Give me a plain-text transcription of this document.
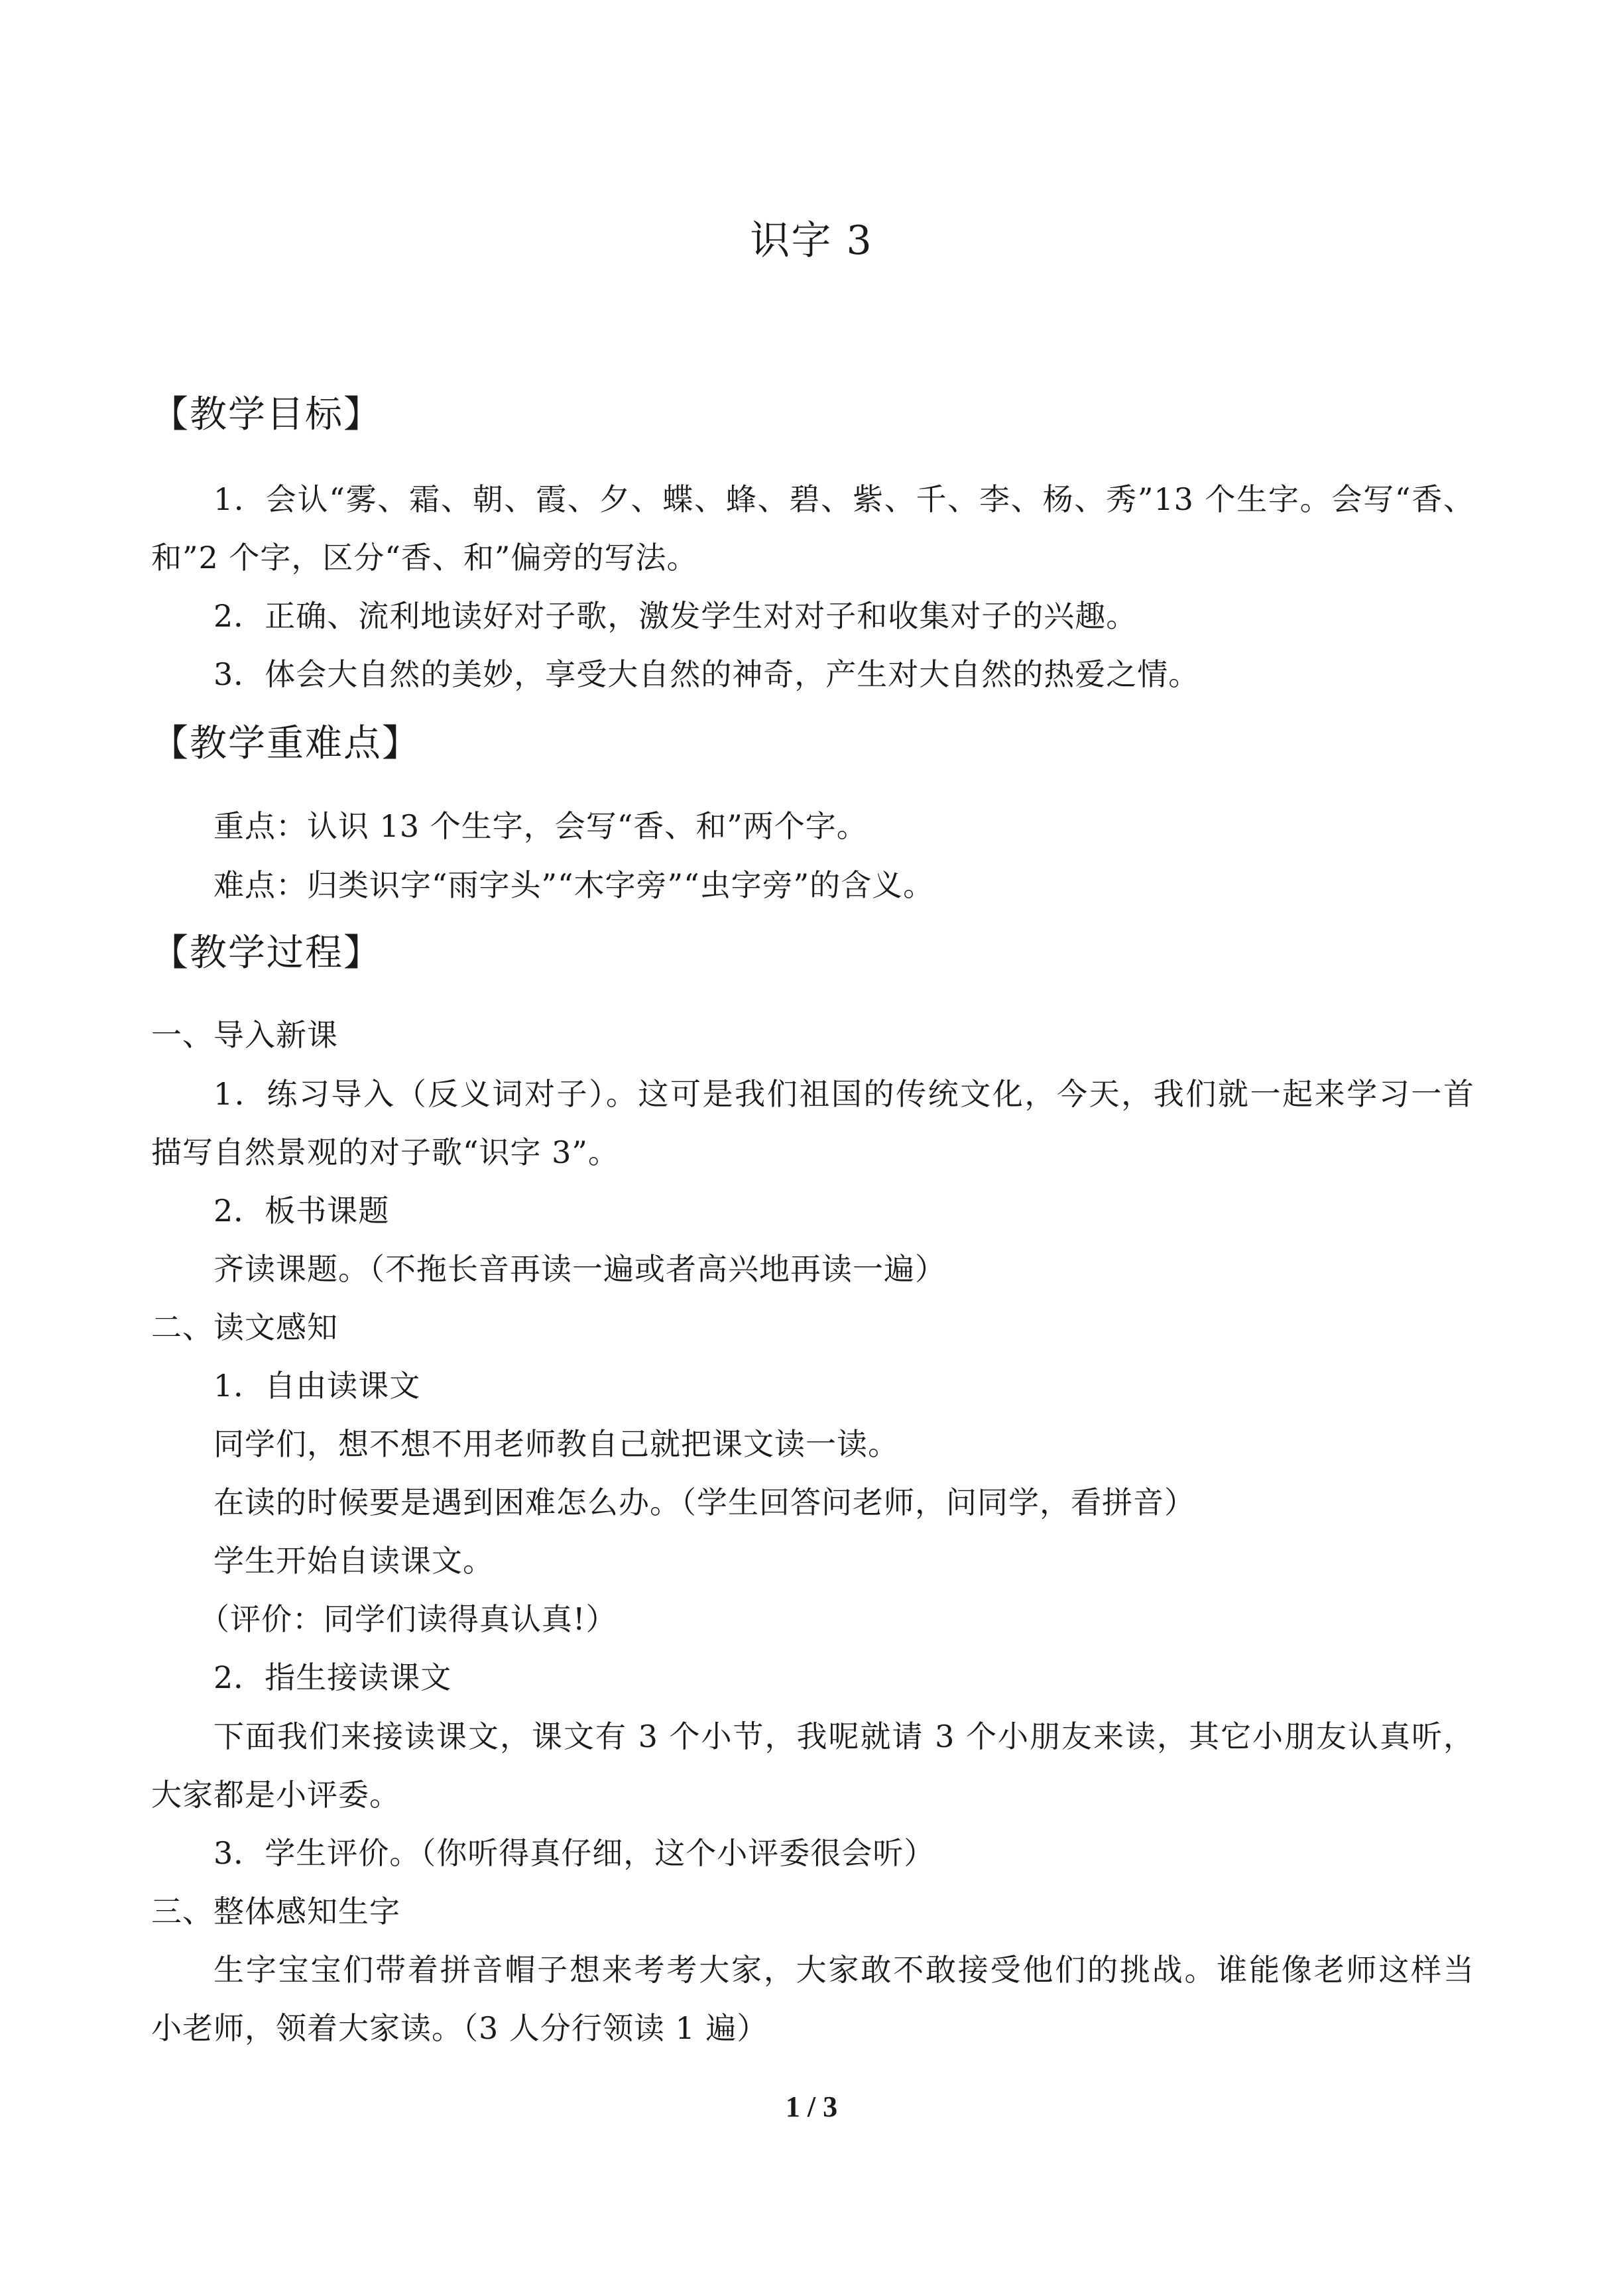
识字 3
【教学目标】
1．会认“雾、霜、朝、霞、夕、蝶、蜂、碧、紫、千、李、杨、秀”13 个生字。会写“香、
和”2 个字，区分“香、和”偏旁的写法。
2．正确、流利地读好对子歌，激发学生对对子和收集对子的兴趣。
3．体会大自然的美妙，享受大自然的神奇，产生对大自然的热爱之情。
【教学重难点】
重点：认识 13 个生字，会写“香、和”两个字。
难点：归类识字“雨字头”“木字旁”“虫字旁”的含义。
【教学过程】
一、导入新课
1．练习导入（反义词对子）。这可是我们祖国的传统文化，今天，我们就一起来学习一首
描写自然景观的对子歌“识字 3”。
2．板书课题
齐读课题。（不拖长音再读一遍或者高兴地再读一遍）
二、读文感知
1．自由读课文
同学们，想不想不用老师教自己就把课文读一读。
在读的时候要是遇到困难怎么办。（学生回答问老师，问同学，看拼音）
学生开始自读课文。
（评价：同学们读得真认真!）
2．指生接读课文
下面我们来接读课文，课文有 3 个小节，我呢就请 3 个小朋友来读，其它小朋友认真听，
大家都是小评委。
3．学生评价。（你听得真仔细，这个小评委很会听）
三、整体感知生字
生字宝宝们带着拼音帽子想来考考大家，大家敢不敢接受他们的挑战。谁能像老师这样当
小老师，领着大家读。（3 人分行领读 1 遍）
1 / 3
